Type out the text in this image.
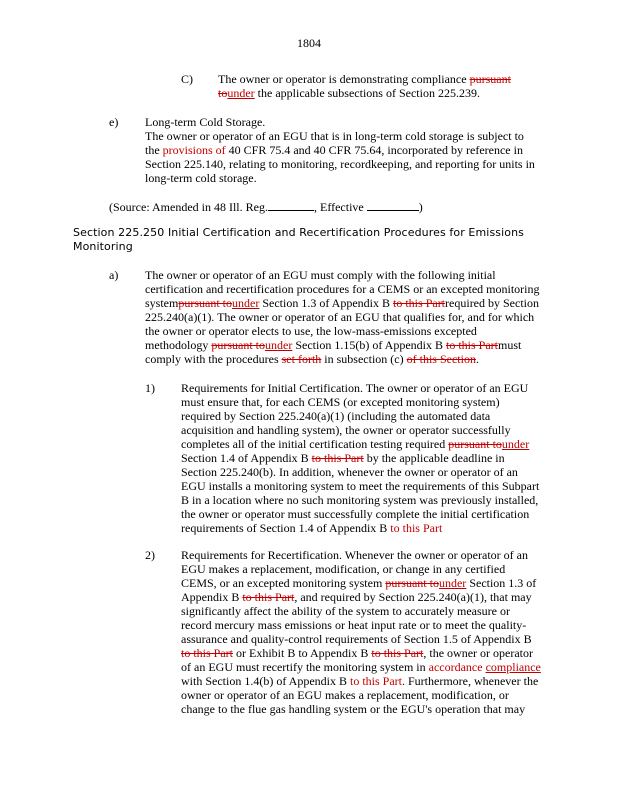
1804
C) The owner or operator is demonstrating compliance pursuant tounder the applicable subsections of Section 225.239.
e) Long-term Cold Storage.
The owner or operator of an EGU that is in long-term cold storage is subject to the provisions of 40 CFR 75.4 and 40 CFR 75.64, incorporated by reference in Section 225.140, relating to monitoring, recordkeeping, and reporting for units in long-term cold storage.
(Source: Amended in 48 Ill. Reg.	, Effective	)
Section 225.250 Initial Certification and Recertification Procedures for Emissions Monitoring
a) The owner or operator of an EGU must comply with the following initial certification and recertification procedures for a CEMS or an excepted monitoring systempursuant tounder Section 1.3 of Appendix B to this Partrequired by Section 225.240(a)(1). The owner or operator of an EGU that qualifies for, and for which the owner or operator elects to use, the low-mass-emissions excepted methodology pursuant tounder Section 1.15(b) of Appendix B to this Partmust comply with the procedures set forth in subsection (c) of this Section.
1) Requirements for Initial Certification. The owner or operator of an EGU must ensure that, for each CEMS (or excepted monitoring system) required by Section 225.240(a)(1) (including the automated data acquisition and handling system), the owner or operator successfully completes all of the initial certification testing required pursuant tounder Section 1.4 of Appendix B to this Part by the applicable deadline in Section 225.240(b). In addition, whenever the owner or operator of an EGU installs a monitoring system to meet the requirements of this Subpart B in a location where no such monitoring system was previously installed, the owner or operator must successfully complete the initial certification requirements of Section 1.4 of Appendix B to this Part
2) Requirements for Recertification. Whenever the owner or operator of an EGU makes a replacement, modification, or change in any certified CEMS, or an excepted monitoring system pursuant tounder Section 1.3 of Appendix B to this Part, and required by Section 225.240(a)(1), that may significantly affect the ability of the system to accurately measure or record mercury mass emissions or heat input rate or to meet the quality-assurance and quality-control requirements of Section 1.5 of Appendix B to this Part or Exhibit B to Appendix B to this Part, the owner or operator of an EGU must recertify the monitoring system in accordance compliance with Section 1.4(b) of Appendix B to this Part. Furthermore, whenever the owner or operator of an EGU makes a replacement, modification, or change to the flue gas handling system or the EGU's operation that may
